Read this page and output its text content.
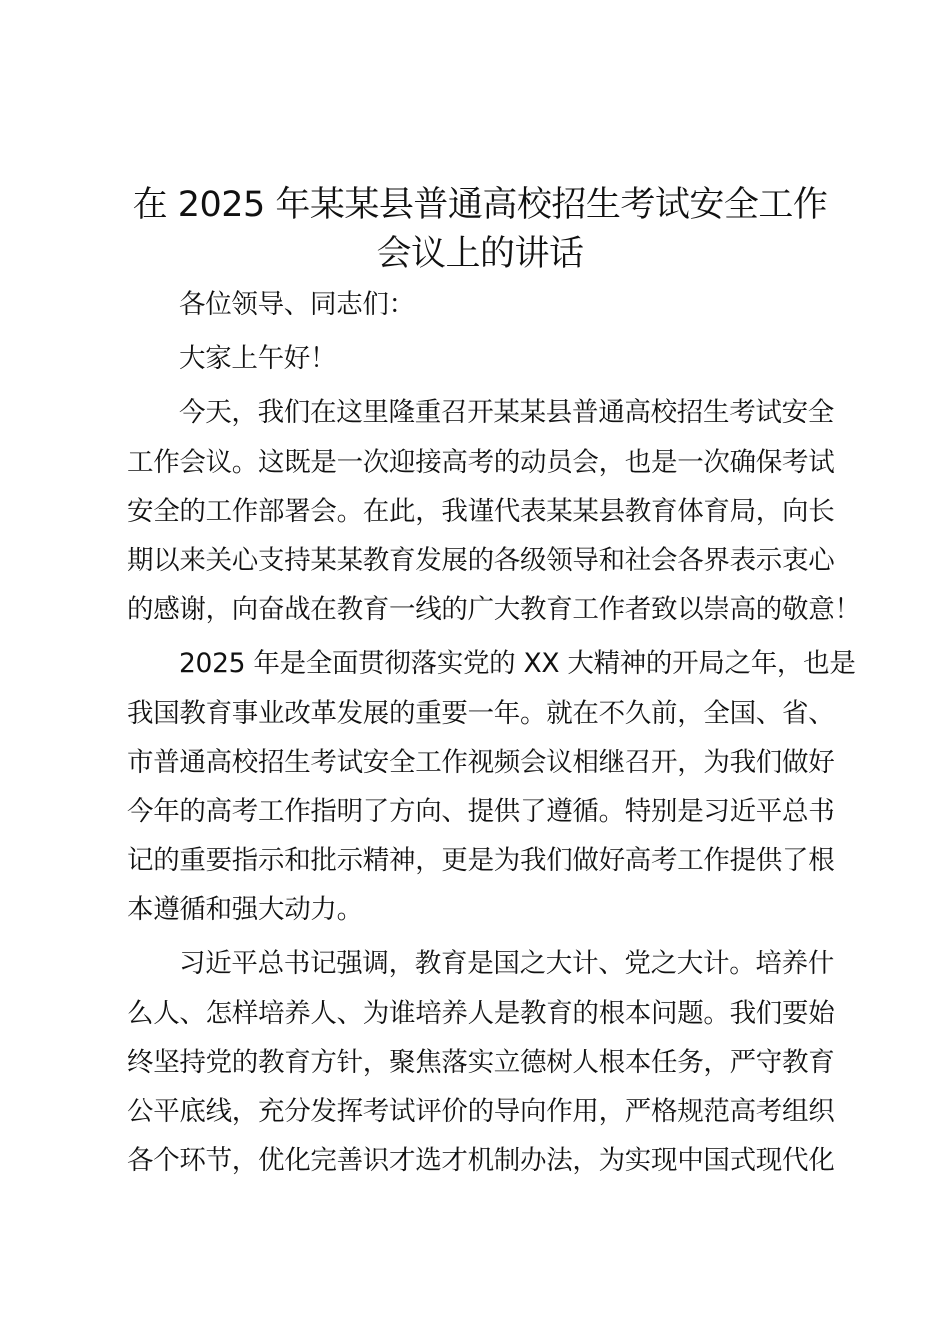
在 2025 年某某县普通高校招生考试安全工作
会议上的讲话
各位领导、同志们：
大家上午好！
今天，我们在这里隆重召开某某县普通高校招生考试安全
工作会议。这既是一次迎接高考的动员会，也是一次确保考试
安全的工作部署会。在此，我谨代表某某县教育体育局，向长
期以来关心支持某某教育发展的各级领导和社会各界表示衷心
的感谢，向奋战在教育一线的广大教育工作者致以崇高的敬意！
2025 年是全面贯彻落实党的 XX 大精神的开局之年，也是
我国教育事业改革发展的重要一年。就在不久前，全国、省、
市普通高校招生考试安全工作视频会议相继召开，为我们做好
今年的高考工作指明了方向、提供了遵循。特别是习近平总书
记的重要指示和批示精神，更是为我们做好高考工作提供了根
本遵循和强大动力。
习近平总书记强调，教育是国之大计、党之大计。培养什
么人、怎样培养人、为谁培养人是教育的根本问题。我们要始
终坚持党的教育方针，聚焦落实立德树人根本任务，严守教育
公平底线，充分发挥考试评价的导向作用，严格规范高考组织
各个环节，优化完善识才选才机制办法，为实现中国式现代化
